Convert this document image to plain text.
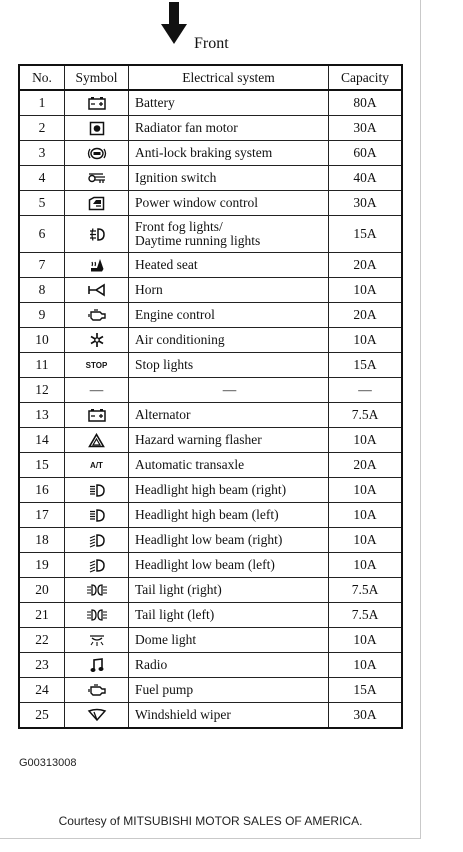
Front
No.	Symbol	Electrical system	Capacity
1		Battery	80A
2		Radiator fan motor	30A
3		Anti-lock braking system	60A
4		Ignition switch	40A
5		Power window control	30A
6		Front fog lights/
Daytime running lights	15A
7		Heated seat	20A
8		Horn	10A
9		Engine control	20A
10		Air conditioning	10A
11	STOP	Stop lights	15A
12	—	—	—
13		Alternator	7.5A
14		Hazard warning flasher	10A
15	A/T	Automatic transaxle	20A
16		Headlight high beam (right)	10A
17		Headlight high beam (left)	10A
18		Headlight low beam (right)	10A
19		Headlight low beam (left)	10A
20		Tail light (right)	7.5A
21		Tail light (left)	7.5A
22		Dome light	10A
23		Radio	10A
24		Fuel pump	15A
25		Windshield wiper	30A
G00313008
Courtesy of MITSUBISHI MOTOR SALES OF AMERICA.
